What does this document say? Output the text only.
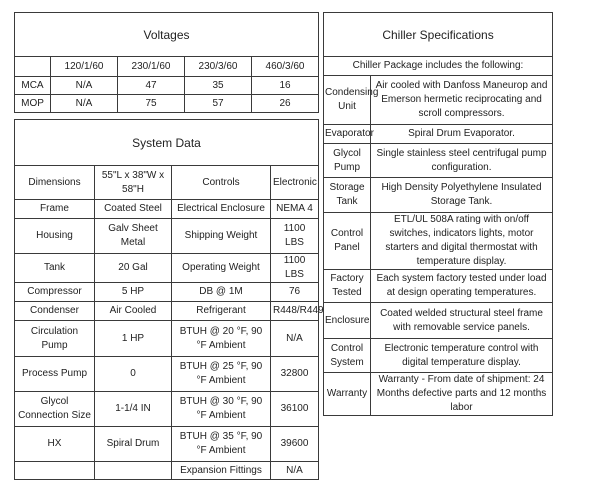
Voltages				
	120/1/60	230/1/60	230/3/60	460/3/60
MCA	N/A	47	35	16
MOP	N/A	75	57	26
System Data			
Dimensions	55"L x 38"W x 58"H	Controls	Electronic
Frame	Coated Steel	Electrical Enclosure	NEMA 4
Housing	Galv Sheet Metal	Shipping Weight	1100 LBS
Tank	20 Gal	Operating Weight	1100 LBS
Compressor	5 HP	DB @ 1M	76
Condenser	Air Cooled	Refrigerant	R448/R449
Circulation Pump	1 HP	BTUH @ 20 °F, 90 °F Ambient	N/A
Process Pump	0	BTUH @ 25 °F, 90 °F Ambient	32800
Glycol Connection Size	1-1/4 IN	BTUH @ 30 °F, 90 °F Ambient	36100
HX	Spiral Drum	BTUH @ 35 °F, 90 °F Ambient	39600
		Expansion Fittings	N/A
Chiller Specifications	
Chiller Package includes the following:	
Condensing Unit	Air cooled with Danfoss Maneurop and Emerson hermetic reciprocating and scroll compressors.
Evaporator	Spiral Drum Evaporator.
Glycol Pump	Single stainless steel centrifugal pump configuration.
Storage Tank	High Density Polyethylene Insulated Storage Tank.
Control Panel	ETL/UL 508A rating with on/off switches, indicators lights, motor starters and digital thermostat with temperature display.
Factory Tested	Each system factory tested under load at design operating temperatures.
Enclosure	Coated welded structural steel frame with removable service panels.
Control System	Electronic temperature control with digital temperature display.
Warranty	Warranty - From date of shipment: 24 Months defective parts and 12 months labor
